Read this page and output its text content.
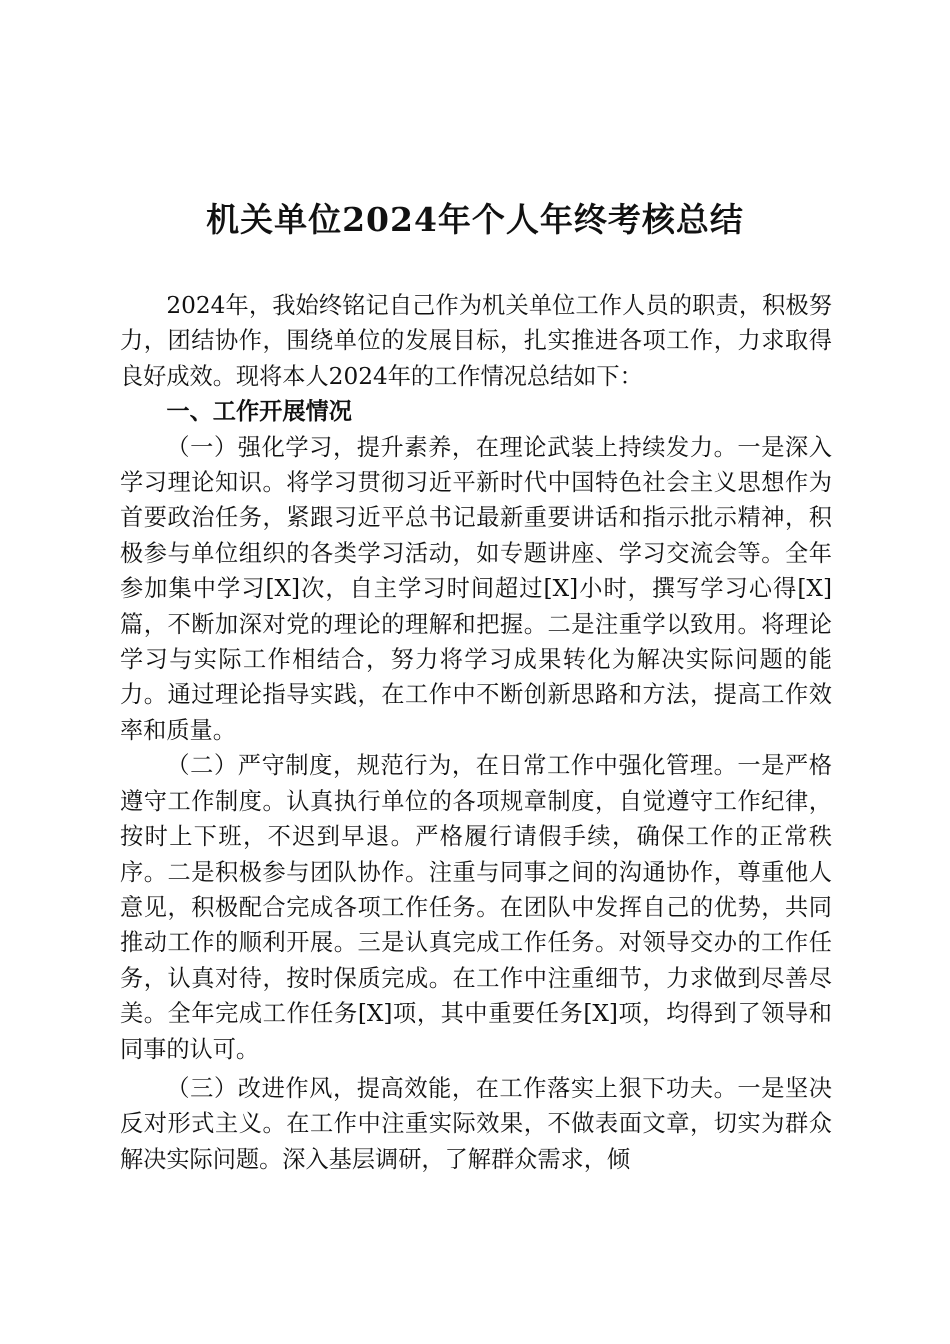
机关单位2024年个人年终考核总结

2024年，我始终铭记自己作为机关单位工作人员的职责，积极努力，团结协作，围绕单位的发展目标，扎实推进各项工作，力求取得良好成效。现将本人2024年的工作情况总结如下：

一、工作开展情况

（一）强化学习，提升素养，在理论武装上持续发力。一是深入学习理论知识。将学习贯彻习近平新时代中国特色社会主义思想作为首要政治任务，紧跟习近平总书记最新重要讲话和指示批示精神，积极参与单位组织的各类学习活动，如专题讲座、学习交流会等。全年参加集中学习[X]次，自主学习时间超过[X]小时，撰写学习心得[X]篇，不断加深对党的理论的理解和把握。二是注重学以致用。将理论学习与实际工作相结合，努力将学习成果转化为解决实际问题的能力。通过理论指导实践，在工作中不断创新思路和方法，提高工作效率和质量。

（二）严守制度，规范行为，在日常工作中强化管理。一是严格遵守工作制度。认真执行单位的各项规章制度，自觉遵守工作纪律，按时上下班，不迟到早退。严格履行请假手续，确保工作的正常秩序。二是积极参与团队协作。注重与同事之间的沟通协作，尊重他人意见，积极配合完成各项工作任务。在团队中发挥自己的优势，共同推动工作的顺利开展。三是认真完成工作任务。对领导交办的工作任务，认真对待，按时保质完成。在工作中注重细节，力求做到尽善尽美。全年完成工作任务[X]项，其中重要任务[X]项，均得到了领导和同事的认可。

（三）改进作风，提高效能，在工作落实上狠下功夫。一是坚决反对形式主义。在工作中注重实际效果，不做表面文章，切实为群众解决实际问题。深入基层调研，了解群众需求，倾
